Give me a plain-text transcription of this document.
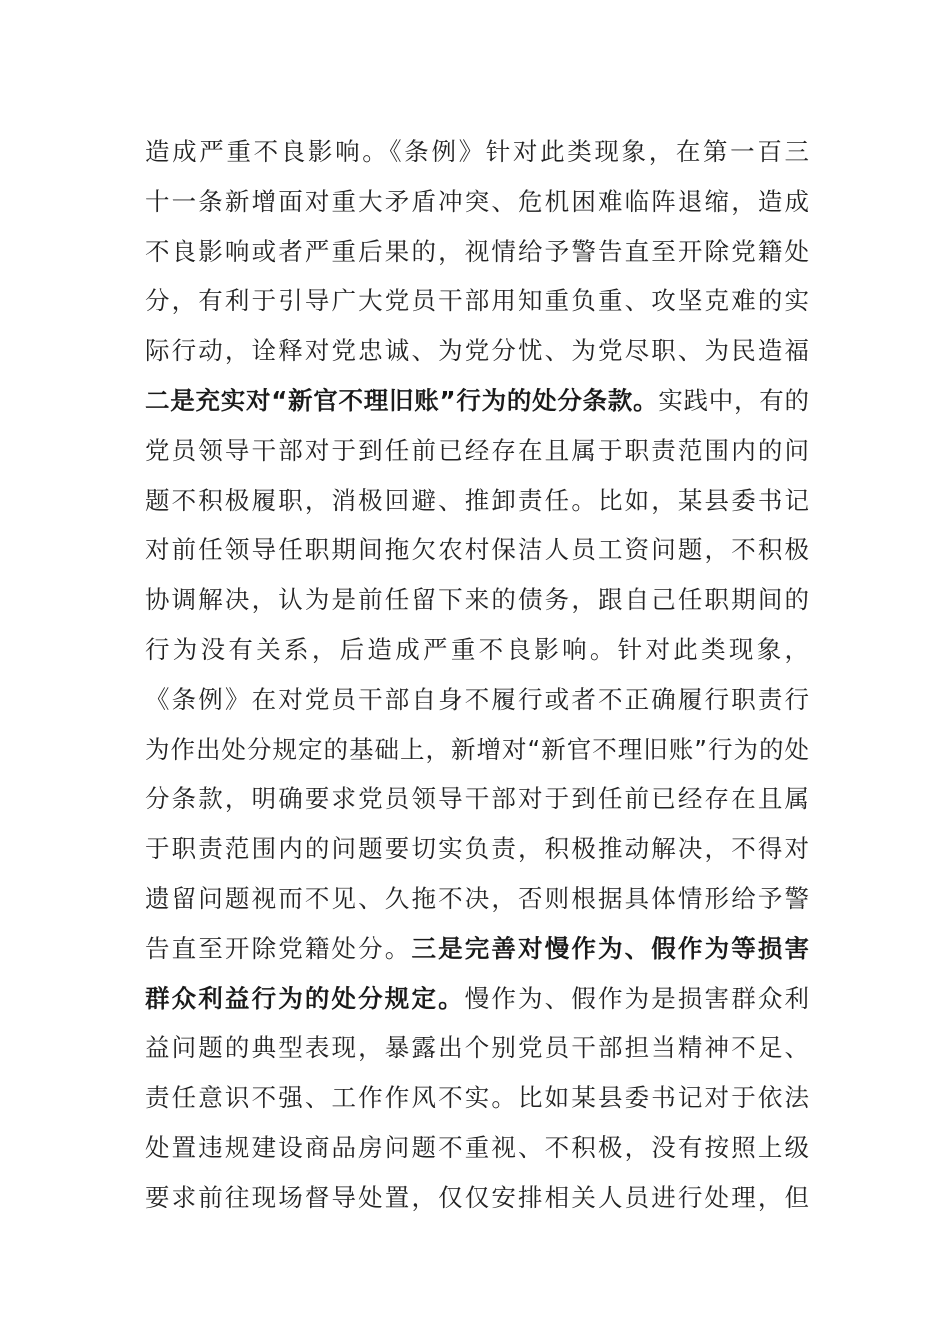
造成严重不良影响。《条例》针对此类现象，在第一百三
十一条新增面对重大矛盾冲突、危机困难临阵退缩，造成
不良影响或者严重后果的，视情给予警告直至开除党籍处
分，有利于引导广大党员干部用知重负重、攻坚克难的实
际行动，诠释对党忠诚、为党分忧、为党尽职、为民造福
二是充实对“新官不理旧账”行为的处分条款。实践中，有的
党员领导干部对于到任前已经存在且属于职责范围内的问
题不积极履职，消极回避、推卸责任。比如，某县委书记
对前任领导任职期间拖欠农村保洁人员工资问题，不积极
协调解决，认为是前任留下来的债务，跟自己任职期间的
行为没有关系，后造成严重不良影响。针对此类现象，
《条例》在对党员干部自身不履行或者不正确履行职责行
为作出处分规定的基础上，新增对“新官不理旧账”行为的处
分条款，明确要求党员领导干部对于到任前已经存在且属
于职责范围内的问题要切实负责，积极推动解决，不得对
遗留问题视而不见、久拖不决，否则根据具体情形给予警
告直至开除党籍处分。三是完善对慢作为、假作为等损害
群众利益行为的处分规定。慢作为、假作为是损害群众利
益问题的典型表现，暴露出个别党员干部担当精神不足、
责任意识不强、工作作风不实。比如某县委书记对于依法
处置违规建设商品房问题不重视、不积极，没有按照上级
要求前往现场督导处置，仅仅安排相关人员进行处理，但
